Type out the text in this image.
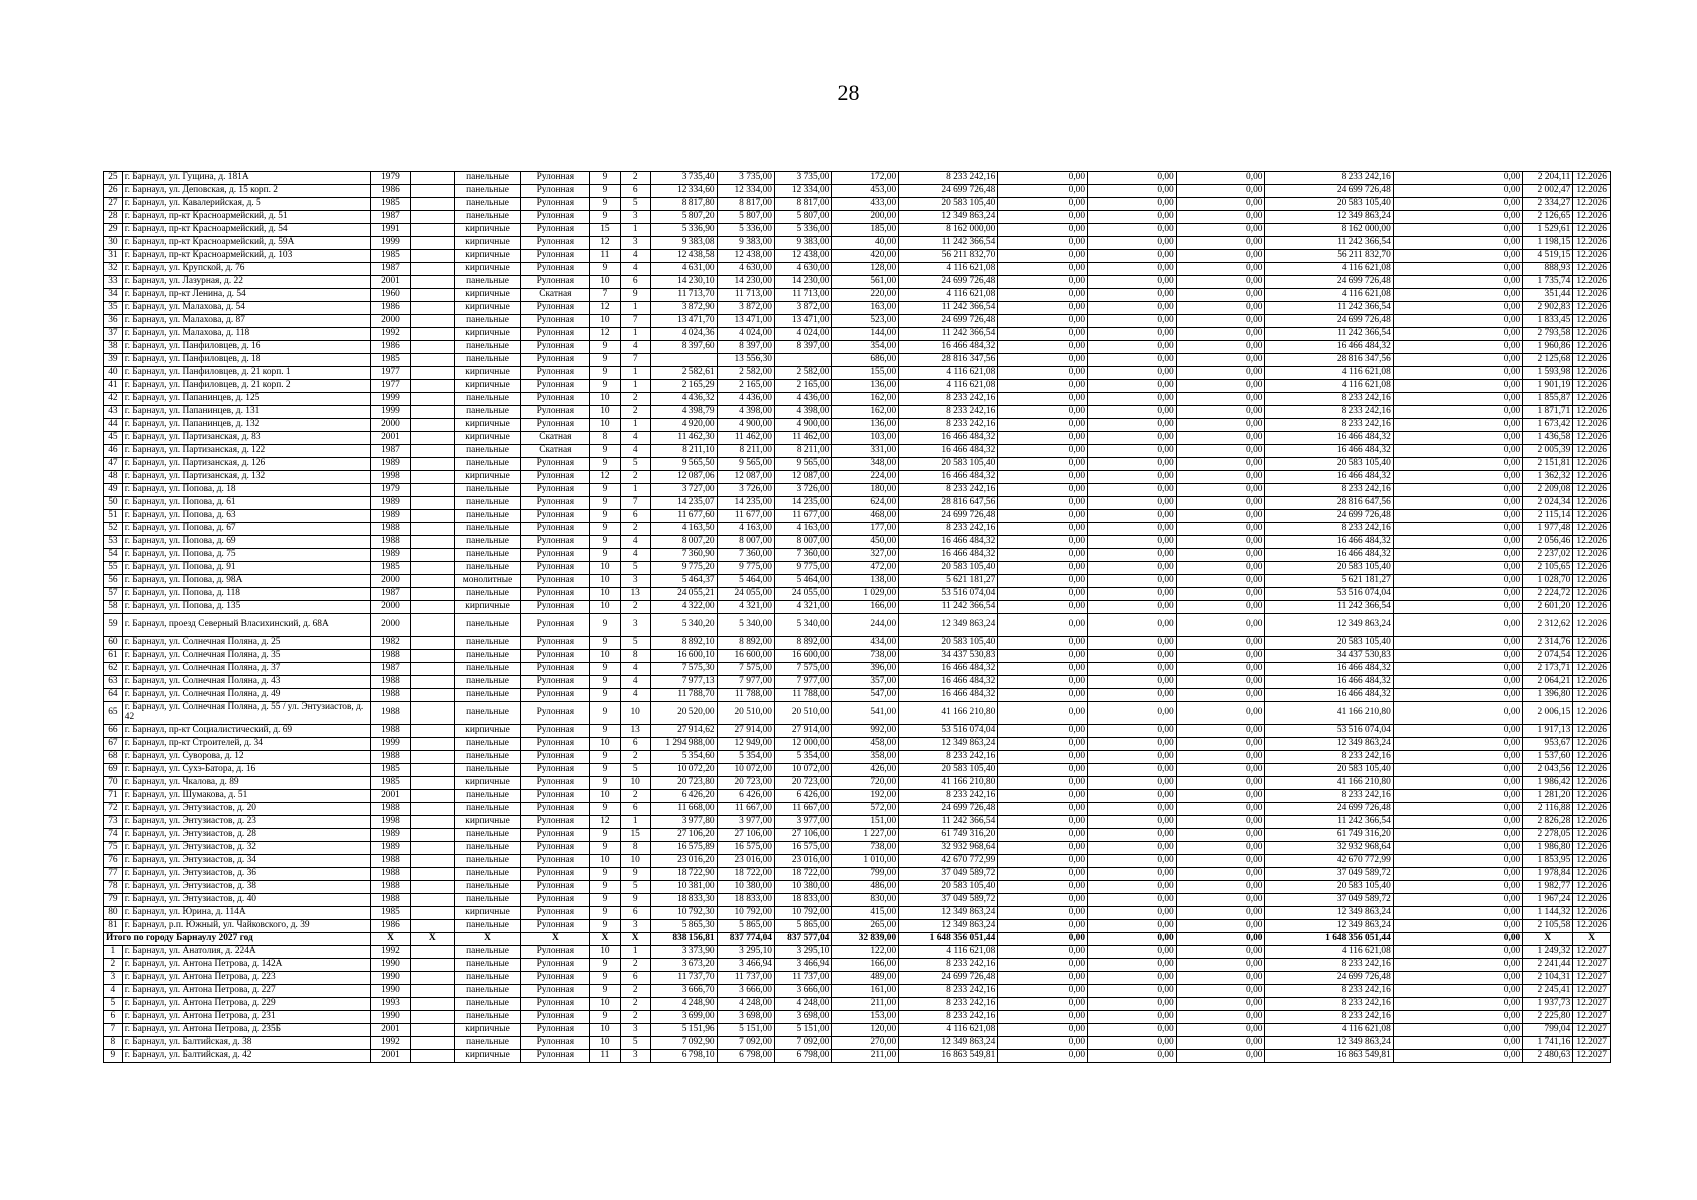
28
25	г. Барнаул, ул. Гущина, д. 181А	1979		панельные	Рулонная	9	2	3 735,40	3 735,00	3 735,00	172,00	8 233 242,16	0,00	0,00	0,00	8 233 242,16	0,00	2 204,11	12.2026
26	г. Барнаул, ул. Деповская, д. 15 корп. 2	1986		панельные	Рулонная	9	6	12 334,60	12 334,00	12 334,00	453,00	24 699 726,48	0,00	0,00	0,00	24 699 726,48	0,00	2 002,47	12.2026
27	г. Барнаул, ул. Кавалерийская, д. 5	1985		панельные	Рулонная	9	5	8 817,80	8 817,00	8 817,00	433,00	20 583 105,40	0,00	0,00	0,00	20 583 105,40	0,00	2 334,27	12.2026
28	г. Барнаул, пр-кт Красноармейский, д. 51	1987		панельные	Рулонная	9	3	5 807,20	5 807,00	5 807,00	200,00	12 349 863,24	0,00	0,00	0,00	12 349 863,24	0,00	2 126,65	12.2026
29	г. Барнаул, пр-кт Красноармейский, д. 54	1991		кирпичные	Рулонная	15	1	5 336,90	5 336,00	5 336,00	185,00	8 162 000,00	0,00	0,00	0,00	8 162 000,00	0,00	1 529,61	12.2026
30	г. Барнаул, пр-кт Красноармейский, д. 59А	1999		кирпичные	Рулонная	12	3	9 383,08	9 383,00	9 383,00	40,00	11 242 366,54	0,00	0,00	0,00	11 242 366,54	0,00	1 198,15	12.2026
31	г. Барнаул, пр-кт Красноармейский, д. 103	1985		кирпичные	Рулонная	11	4	12 438,58	12 438,00	12 438,00	420,00	56 211 832,70	0,00	0,00	0,00	56 211 832,70	0,00	4 519,15	12.2026
32	г. Барнаул, ул. Крупской, д. 76	1987		кирпичные	Рулонная	9	4	4 631,00	4 630,00	4 630,00	128,00	4 116 621,08	0,00	0,00	0,00	4 116 621,08	0,00	888,93	12.2026
33	г. Барнаул, ул. Лазурная, д. 22	2001		панельные	Рулонная	10	6	14 230,10	14 230,00	14 230,00	561,00	24 699 726,48	0,00	0,00	0,00	24 699 726,48	0,00	1 735,74	12.2026
34	г. Барнаул, пр-кт Ленина, д. 54	1960		кирпичные	Скатная	7	9	11 713,70	11 713,00	11 713,00	220,00	4 116 621,08	0,00	0,00	0,00	4 116 621,08	0,00	351,44	12.2026
35	г. Барнаул, ул. Малахова, д. 54	1986		кирпичные	Рулонная	12	1	3 872,90	3 872,00	3 872,00	163,00	11 242 366,54	0,00	0,00	0,00	11 242 366,54	0,00	2 902,83	12.2026
36	г. Барнаул, ул. Малахова, д. 87	2000		панельные	Рулонная	10	7	13 471,70	13 471,00	13 471,00	523,00	24 699 726,48	0,00	0,00	0,00	24 699 726,48	0,00	1 833,45	12.2026
37	г. Барнаул, ул. Малахова, д. 118	1992		кирпичные	Рулонная	12	1	4 024,36	4 024,00	4 024,00	144,00	11 242 366,54	0,00	0,00	0,00	11 242 366,54	0,00	2 793,58	12.2026
38	г. Барнаул, ул. Панфиловцев, д. 16	1986		панельные	Рулонная	9	4	8 397,60	8 397,00	8 397,00	354,00	16 466 484,32	0,00	0,00	0,00	16 466 484,32	0,00	1 960,86	12.2026
39	г. Барнаул, ул. Панфиловцев, д. 18	1985		панельные	Рулонная	9	7		13 556,30		686,00	28 816 347,56	0,00	0,00	0,00	28 816 347,56	0,00	2 125,68	12.2026
40	г. Барнаул, ул. Панфиловцев, д. 21 корп. 1	1977		кирпичные	Рулонная	9	1	2 582,61	2 582,00	2 582,00	155,00	4 116 621,08	0,00	0,00	0,00	4 116 621,08	0,00	1 593,98	12.2026
41	г. Барнаул, ул. Панфиловцев, д. 21 корп. 2	1977		кирпичные	Рулонная	9	1	2 165,29	2 165,00	2 165,00	136,00	4 116 621,08	0,00	0,00	0,00	4 116 621,08	0,00	1 901,19	12.2026
42	г. Барнаул, ул. Папанинцев, д. 125	1999		панельные	Рулонная	10	2	4 436,32	4 436,00	4 436,00	162,00	8 233 242,16	0,00	0,00	0,00	8 233 242,16	0,00	1 855,87	12.2026
43	г. Барнаул, ул. Папанинцев, д. 131	1999		панельные	Рулонная	10	2	4 398,79	4 398,00	4 398,00	162,00	8 233 242,16	0,00	0,00	0,00	8 233 242,16	0,00	1 871,71	12.2026
44	г. Барнаул, ул. Папанинцев, д. 132	2000		кирпичные	Рулонная	10	1	4 920,00	4 900,00	4 900,00	136,00	8 233 242,16	0,00	0,00	0,00	8 233 242,16	0,00	1 673,42	12.2026
45	г. Барнаул, ул. Партизанская, д. 83	2001		кирпичные	Скатная	8	4	11 462,30	11 462,00	11 462,00	103,00	16 466 484,32	0,00	0,00	0,00	16 466 484,32	0,00	1 436,58	12.2026
46	г. Барнаул, ул. Партизанская, д. 122	1987		панельные	Скатная	9	4	8 211,10	8 211,00	8 211,00	331,00	16 466 484,32	0,00	0,00	0,00	16 466 484,32	0,00	2 005,39	12.2026
47	г. Барнаул, ул. Партизанская, д. 126	1989		панельные	Рулонная	9	5	9 565,50	9 565,00	9 565,00	348,00	20 583 105,40	0,00	0,00	0,00	20 583 105,40	0,00	2 151,81	12.2026
48	г. Барнаул, ул. Партизанская, д. 132	1998		кирпичные	Рулонная	12	2	12 087,06	12 087,00	12 087,00	224,00	16 466 484,32	0,00	0,00	0,00	16 466 484,32	0,00	1 362,32	12.2026
49	г. Барнаул, ул. Попова, д. 18	1979		панельные	Рулонная	9	1	3 727,00	3 726,00	3 726,00	180,00	8 233 242,16	0,00	0,00	0,00	8 233 242,16	0,00	2 209,08	12.2026
50	г. Барнаул, ул. Попова, д. 61	1989		панельные	Рулонная	9	7	14 235,07	14 235,00	14 235,00	624,00	28 816 647,56	0,00	0,00	0,00	28 816 647,56	0,00	2 024,34	12.2026
51	г. Барнаул, ул. Попова, д. 63	1989		панельные	Рулонная	9	6	11 677,60	11 677,00	11 677,00	468,00	24 699 726,48	0,00	0,00	0,00	24 699 726,48	0,00	2 115,14	12.2026
52	г. Барнаул, ул. Попова, д. 67	1988		панельные	Рулонная	9	2	4 163,50	4 163,00	4 163,00	177,00	8 233 242,16	0,00	0,00	0,00	8 233 242,16	0,00	1 977,48	12.2026
53	г. Барнаул, ул. Попова, д. 69	1988		панельные	Рулонная	9	4	8 007,20	8 007,00	8 007,00	450,00	16 466 484,32	0,00	0,00	0,00	16 466 484,32	0,00	2 056,46	12.2026
54	г. Барнаул, ул. Попова, д. 75	1989		панельные	Рулонная	9	4	7 360,90	7 360,00	7 360,00	327,00	16 466 484,32	0,00	0,00	0,00	16 466 484,32	0,00	2 237,02	12.2026
55	г. Барнаул, ул. Попова, д. 91	1985		панельные	Рулонная	10	5	9 775,20	9 775,00	9 775,00	472,00	20 583 105,40	0,00	0,00	0,00	20 583 105,40	0,00	2 105,65	12.2026
56	г. Барнаул, ул. Попова, д. 98А	2000		монолитные	Рулонная	10	3	5 464,37	5 464,00	5 464,00	138,00	5 621 181,27	0,00	0,00	0,00	5 621 181,27	0,00	1 028,70	12.2026
57	г. Барнаул, ул. Попова, д. 118	1987		панельные	Рулонная	10	13	24 055,21	24 055,00	24 055,00	1 029,00	53 516 074,04	0,00	0,00	0,00	53 516 074,04	0,00	2 224,72	12.2026
58	г. Барнаул, ул. Попова, д. 135	2000		кирпичные	Рулонная	10	2	4 322,00	4 321,00	4 321,00	166,00	11 242 366,54	0,00	0,00	0,00	11 242 366,54	0,00	2 601,20	12.2026
59	г. Барнаул, проезд Северный Власихинский, д. 68А	2000		панельные	Рулонная	9	3	5 340,20	5 340,00	5 340,00	244,00	12 349 863,24	0,00	0,00	0,00	12 349 863,24	0,00	2 312,62	12.2026
60	г. Барнаул, ул. Солнечная Поляна, д. 25	1982		панельные	Рулонная	9	5	8 892,10	8 892,00	8 892,00	434,00	20 583 105,40	0,00	0,00	0,00	20 583 105,40	0,00	2 314,76	12.2026
61	г. Барнаул, ул. Солнечная Поляна, д. 35	1988		панельные	Рулонная	10	8	16 600,10	16 600,00	16 600,00	738,00	34 437 530,83	0,00	0,00	0,00	34 437 530,83	0,00	2 074,54	12.2026
62	г. Барнаул, ул. Солнечная Поляна, д. 37	1987		панельные	Рулонная	9	4	7 575,30	7 575,00	7 575,00	396,00	16 466 484,32	0,00	0,00	0,00	16 466 484,32	0,00	2 173,71	12.2026
63	г. Барнаул, ул. Солнечная Поляна, д. 43	1988		панельные	Рулонная	9	4	7 977,13	7 977,00	7 977,00	357,00	16 466 484,32	0,00	0,00	0,00	16 466 484,32	0,00	2 064,21	12.2026
64	г. Барнаул, ул. Солнечная Поляна, д. 49	1988		панельные	Рулонная	9	4	11 788,70	11 788,00	11 788,00	547,00	16 466 484,32	0,00	0,00	0,00	16 466 484,32	0,00	1 396,80	12.2026
65	г. Барнаул, ул. Солнечная Поляна, д. 55 / ул. Энтузиастов, д. 42	1988		панельные	Рулонная	9	10	20 520,00	20 510,00	20 510,00	541,00	41 166 210,80	0,00	0,00	0,00	41 166 210,80	0,00	2 006,15	12.2026
66	г. Барнаул, пр-кт Социалистический, д. 69	1988		кирпичные	Рулонная	9	13	27 914,62	27 914,00	27 914,00	992,00	53 516 074,04	0,00	0,00	0,00	53 516 074,04	0,00	1 917,13	12.2026
67	г. Барнаул, пр-кт Строителей, д. 34	1999		панельные	Рулонная	10	6	1 294 988,00	12 949,00	12 000,00	458,00	12 349 863,24	0,00	0,00	0,00	12 349 863,24	0,00	953,67	12.2026
68	г. Барнаул, ул. Суворова, д. 12	1988		панельные	Рулонная	9	2	5 354,60	5 354,00	5 354,00	358,00	8 233 242,16	0,00	0,00	0,00	8 233 242,16	0,00	1 537,60	12.2026
69	г. Барнаул, ул. Сухэ-Батора, д. 16	1985		панельные	Рулонная	9	5	10 072,20	10 072,00	10 072,00	426,00	20 583 105,40	0,00	0,00	0,00	20 583 105,40	0,00	2 043,56	12.2026
70	г. Барнаул, ул. Чкалова, д. 89	1985		кирпичные	Рулонная	9	10	20 723,80	20 723,00	20 723,00	720,00	41 166 210,80	0,00	0,00	0,00	41 166 210,80	0,00	1 986,42	12.2026
71	г. Барнаул, ул. Шумакова, д. 51	2001		панельные	Рулонная	10	2	6 426,20	6 426,00	6 426,00	192,00	8 233 242,16	0,00	0,00	0,00	8 233 242,16	0,00	1 281,20	12.2026
72	г. Барнаул, ул. Энтузиастов, д. 20	1988		панельные	Рулонная	9	6	11 668,00	11 667,00	11 667,00	572,00	24 699 726,48	0,00	0,00	0,00	24 699 726,48	0,00	2 116,88	12.2026
73	г. Барнаул, ул. Энтузиастов, д. 23	1998		кирпичные	Рулонная	12	1	3 977,80	3 977,00	3 977,00	151,00	11 242 366,54	0,00	0,00	0,00	11 242 366,54	0,00	2 826,28	12.2026
74	г. Барнаул, ул. Энтузиастов, д. 28	1989		панельные	Рулонная	9	15	27 106,20	27 106,00	27 106,00	1 227,00	61 749 316,20	0,00	0,00	0,00	61 749 316,20	0,00	2 278,05	12.2026
75	г. Барнаул, ул. Энтузиастов, д. 32	1989		панельные	Рулонная	9	8	16 575,89	16 575,00	16 575,00	738,00	32 932 968,64	0,00	0,00	0,00	32 932 968,64	0,00	1 986,80	12.2026
76	г. Барнаул, ул. Энтузиастов, д. 34	1988		панельные	Рулонная	10	10	23 016,20	23 016,00	23 016,00	1 010,00	42 670 772,99	0,00	0,00	0,00	42 670 772,99	0,00	1 853,95	12.2026
77	г. Барнаул, ул. Энтузиастов, д. 36	1988		панельные	Рулонная	9	9	18 722,90	18 722,00	18 722,00	799,00	37 049 589,72	0,00	0,00	0,00	37 049 589,72	0,00	1 978,84	12.2026
78	г. Барнаул, ул. Энтузиастов, д. 38	1988		панельные	Рулонная	9	5	10 381,00	10 380,00	10 380,00	486,00	20 583 105,40	0,00	0,00	0,00	20 583 105,40	0,00	1 982,77	12.2026
79	г. Барнаул, ул. Энтузиастов, д. 40	1988		панельные	Рулонная	9	9	18 833,30	18 833,00	18 833,00	830,00	37 049 589,72	0,00	0,00	0,00	37 049 589,72	0,00	1 967,24	12.2026
80	г. Барнаул, ул. Юрина, д. 114А	1985		кирпичные	Рулонная	9	6	10 792,30	10 792,00	10 792,00	415,00	12 349 863,24	0,00	0,00	0,00	12 349 863,24	0,00	1 144,32	12.2026
81	г. Барнаул, р.п. Южный, ул. Чайковского, д. 39	1986		панельные	Рулонная	9	3	5 865,30	5 865,00	5 865,00	265,00	12 349 863,24	0,00	0,00	0,00	12 349 863,24	0,00	2 105,58	12.2026
Итого по городу Барнаулу 2027 год		X	X	X	X	X	X	838 156,81	837 774,04	837 577,04	32 839,00	1 648 356 051,44	0,00	0,00	0,00	1 648 356 051,44	0,00	X	X
1	г. Барнаул, ул. Анатолия, д. 224А	1992		панельные	Рулонная	10	1	3 373,90	3 295,10	3 295,10	122,00	4 116 621,08	0,00	0,00	0,00	4 116 621,08	0,00	1 249,32	12.2027
2	г. Барнаул, ул. Антона Петрова, д. 142А	1990		панельные	Рулонная	9	2	3 673,20	3 466,94	3 466,94	166,00	8 233 242,16	0,00	0,00	0,00	8 233 242,16	0,00	2 241,44	12.2027
3	г. Барнаул, ул. Антона Петрова, д. 223	1990		панельные	Рулонная	9	6	11 737,70	11 737,00	11 737,00	489,00	24 699 726,48	0,00	0,00	0,00	24 699 726,48	0,00	2 104,31	12.2027
4	г. Барнаул, ул. Антона Петрова, д. 227	1990		панельные	Рулонная	9	2	3 666,70	3 666,00	3 666,00	161,00	8 233 242,16	0,00	0,00	0,00	8 233 242,16	0,00	2 245,41	12.2027
5	г. Барнаул, ул. Антона Петрова, д. 229	1993		панельные	Рулонная	10	2	4 248,90	4 248,00	4 248,00	211,00	8 233 242,16	0,00	0,00	0,00	8 233 242,16	0,00	1 937,73	12.2027
6	г. Барнаул, ул. Антона Петрова, д. 231	1990		панельные	Рулонная	9	2	3 699,00	3 698,00	3 698,00	153,00	8 233 242,16	0,00	0,00	0,00	8 233 242,16	0,00	2 225,80	12.2027
7	г. Барнаул, ул. Антона Петрова, д. 235Б	2001		кирпичные	Рулонная	10	3	5 151,96	5 151,00	5 151,00	120,00	4 116 621,08	0,00	0,00	0,00	4 116 621,08	0,00	799,04	12.2027
8	г. Барнаул, ул. Балтийская, д. 38	1992		панельные	Рулонная	10	5	7 092,90	7 092,00	7 092,00	270,00	12 349 863,24	0,00	0,00	0,00	12 349 863,24	0,00	1 741,16	12.2027
9	г. Барнаул, ул. Балтийская, д. 42	2001		кирпичные	Рулонная	11	3	6 798,10	6 798,00	6 798,00	211,00	16 863 549,81	0,00	0,00	0,00	16 863 549,81	0,00	2 480,63	12.2027
